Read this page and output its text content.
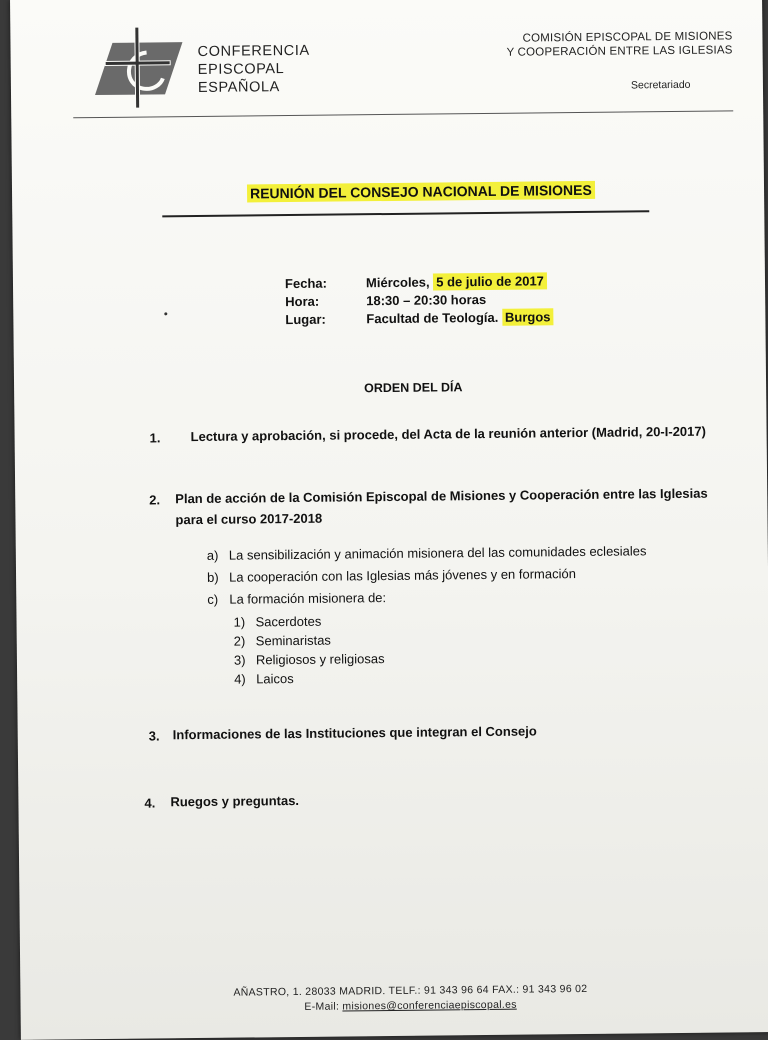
CONFERENCIA
EPISCOPAL
ESPAÑOLA
COMISIÓN EPISCOPAL DE MISIONES
Y COOPERACIÓN ENTRE LAS IGLESIAS
Secretariado
REUNIÓN DEL CONSEJO NACIONAL DE MISIONES
Fecha:	Miércoles, 5 de julio de 2017
Hora:	18:30 – 20:30 horas
Lugar:	Facultad de Teología. Burgos
ORDEN DEL DÍA
1. Lectura y aprobación, si procede, del Acta de la reunión anterior (Madrid, 20-I-2017)
2. Plan de acción de la Comisión Episcopal de Misiones y Cooperación entre las Iglesias
para el curso 2017-2018
a) La sensibilización y animación misionera del las comunidades eclesiales
b) La cooperación con las Iglesias más jóvenes y en formación
c) La formación misionera de:
1) Sacerdotes
2) Seminaristas
3) Religiosos y religiosas
4) Laicos
3. Informaciones de las Instituciones que integran el Consejo
4. Ruegos y preguntas.
AÑASTRO, 1. 28033 MADRID. TELF.: 91 343 96 64 FAX.: 91 343 96 02
E-Mail: misiones@conferenciaepiscopal.es
